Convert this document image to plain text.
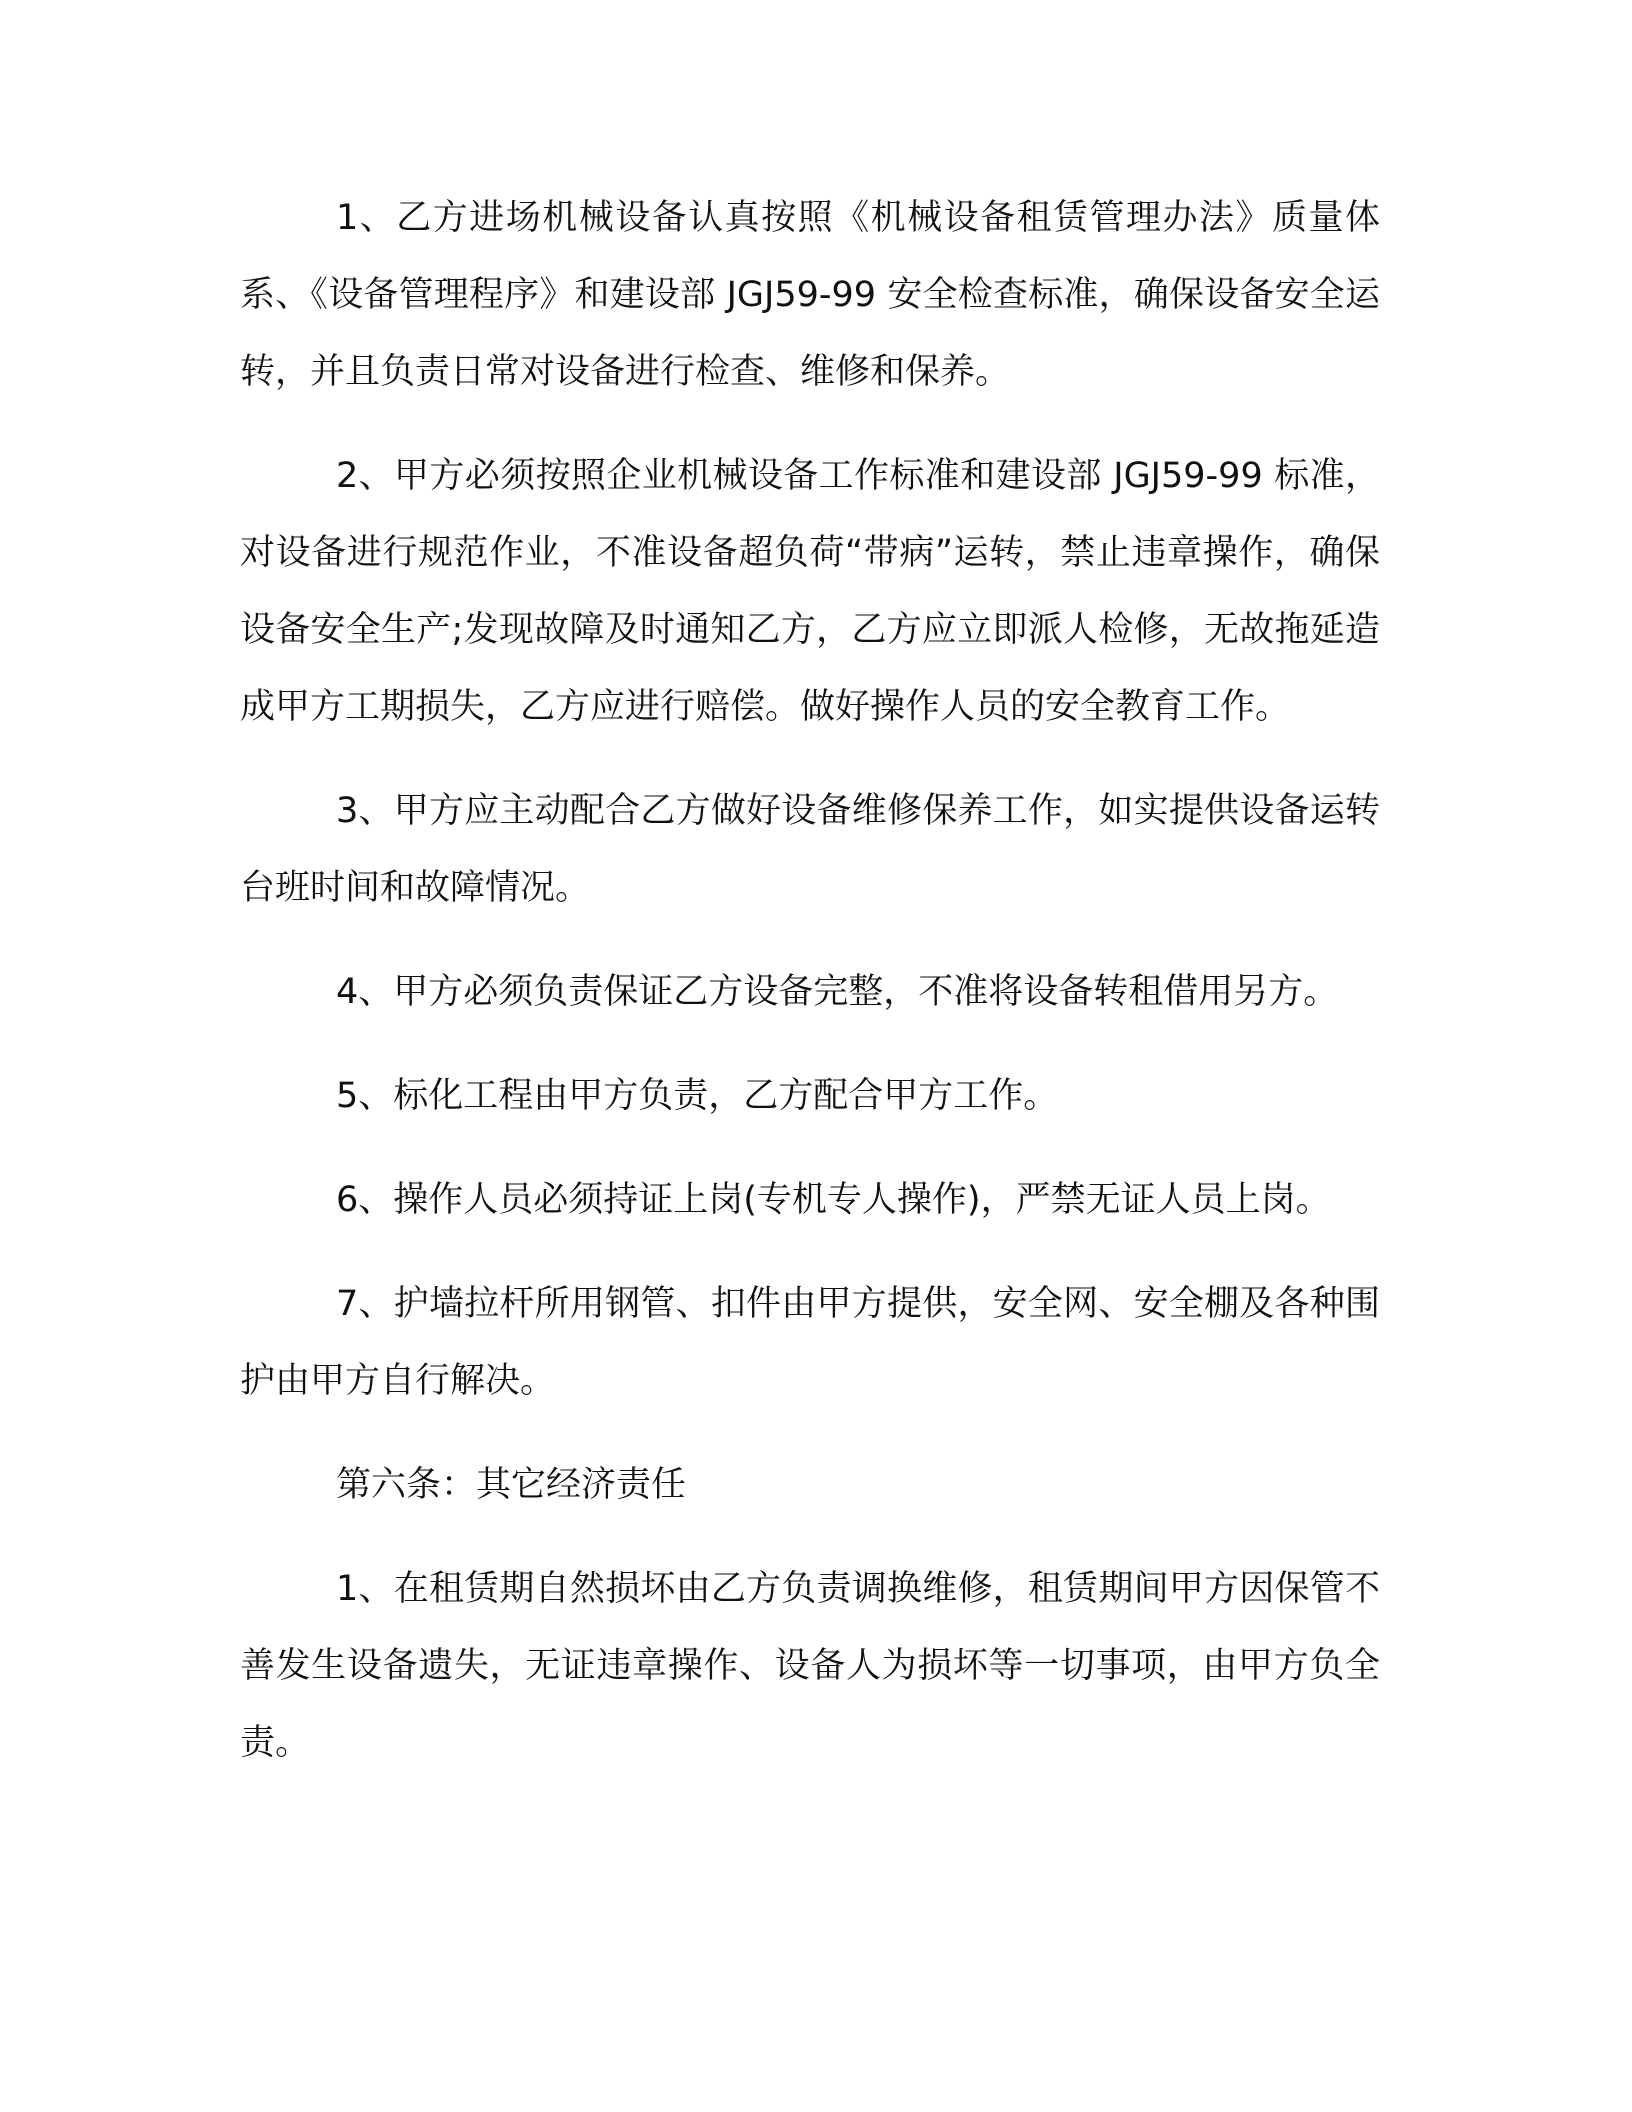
1、乙方进场机械设备认真按照《机械设备租赁管理办法》质量体系、《设备管理程序》和建设部 JGJ59-99 安全检查标准，确保设备安全运转，并且负责日常对设备进行检查、维修和保养。

2、甲方必须按照企业机械设备工作标准和建设部 JGJ59-99 标准，对设备进行规范作业，不准设备超负荷“带病”运转，禁止违章操作，确保设备安全生产;发现故障及时通知乙方，乙方应立即派人检修，无故拖延造成甲方工期损失，乙方应进行赔偿。做好操作人员的安全教育工作。

3、甲方应主动配合乙方做好设备维修保养工作，如实提供设备运转台班时间和故障情况。

4、甲方必须负责保证乙方设备完整，不准将设备转租借用另方。

5、标化工程由甲方负责，乙方配合甲方工作。

6、操作人员必须持证上岗(专机专人操作)，严禁无证人员上岗。

7、护墙拉杆所用钢管、扣件由甲方提供，安全网、安全棚及各种围护由甲方自行解决。

第六条：其它经济责任

1、在租赁期自然损坏由乙方负责调换维修，租赁期间甲方因保管不善发生设备遗失，无证违章操作、设备人为损坏等一切事项，由甲方负全责。
